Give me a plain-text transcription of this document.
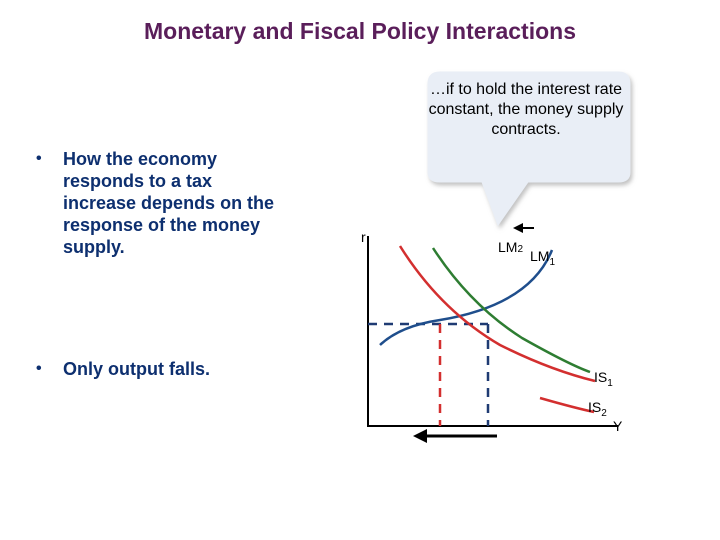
Monetary and Fiscal Policy Interactions
• How the economy responds to a tax increase depends on the response of the money supply.
• Only output falls.
…if to hold the interest rate constant, the money supply contracts.
r
Y
LM2 $LM_1$
$IS_1$
$IS_2$
